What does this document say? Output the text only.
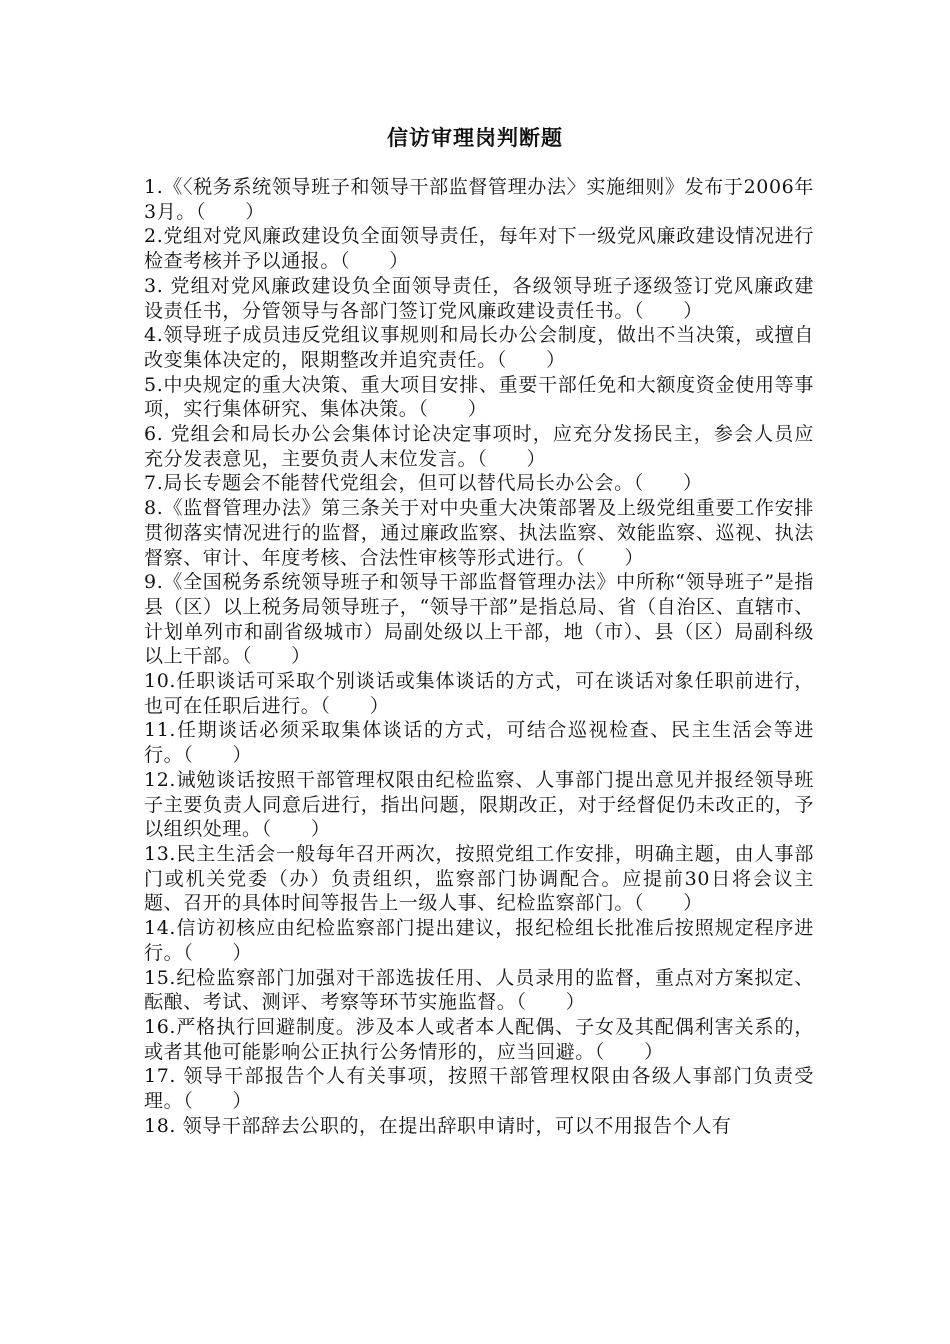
信访审理岗判断题
1.《〈税务系统领导班子和领导干部监督管理办法〉实施细则》发布于2006年3月。（　　）
2.党组对党风廉政建设负全面领导责任，每年对下一级党风廉政建设情况进行检查考核并予以通报。（　　）
3. 党组对党风廉政建设负全面领导责任，各级领导班子逐级签订党风廉政建设责任书，分管领导与各部门签订党风廉政建设责任书。（　　）
4.领导班子成员违反党组议事规则和局长办公会制度，做出不当决策，或擅自改变集体决定的，限期整改并追究责任。（　　）
5.中央规定的重大决策、重大项目安排、重要干部任免和大额度资金使用等事项，实行集体研究、集体决策。（　　）
6. 党组会和局长办公会集体讨论决定事项时，应充分发扬民主，参会人员应充分发表意见，主要负责人末位发言。（　　）
7.局长专题会不能替代党组会，但可以替代局长办公会。（　　）
8.《监督管理办法》第三条关于对中央重大决策部署及上级党组重要工作安排贯彻落实情况进行的监督，通过廉政监察、执法监察、效能监察、巡视、执法督察、审计、年度考核、合法性审核等形式进行。（　　）
9.《全国税务系统领导班子和领导干部监督管理办法》中所称“领导班子”是指县（区）以上税务局领导班子，“领导干部”是指总局、省（自治区、直辖市、计划单列市和副省级城市）局副处级以上干部，地（市）、县（区）局副科级以上干部。（　　）
10.任职谈话可采取个别谈话或集体谈话的方式，可在谈话对象任职前进行，也可在任职后进行。（　　）
11.任期谈话必须采取集体谈话的方式，可结合巡视检查、民主生活会等进行。（　　）
12.诫勉谈话按照干部管理权限由纪检监察、人事部门提出意见并报经领导班子主要负责人同意后进行，指出问题，限期改正，对于经督促仍未改正的，予以组织处理。（　　）
13.民主生活会一般每年召开两次，按照党组工作安排，明确主题，由人事部门或机关党委（办）负责组织，监察部门协调配合。应提前30日将会议主题、召开的具体时间等报告上一级人事、纪检监察部门。（　　）
14.信访初核应由纪检监察部门提出建议，报纪检组长批准后按照规定程序进行。（　　）
15.纪检监察部门加强对干部选拔任用、人员录用的监督，重点对方案拟定、酝酿、考试、测评、考察等环节实施监督。（　　）
16.严格执行回避制度。涉及本人或者本人配偶、子女及其配偶利害关系的，或者其他可能影响公正执行公务情形的，应当回避。（　　）
17. 领导干部报告个人有关事项，按照干部管理权限由各级人事部门负责受理。（　　）
18. 领导干部辞去公职的，在提出辞职申请时，可以不用报告个人有
